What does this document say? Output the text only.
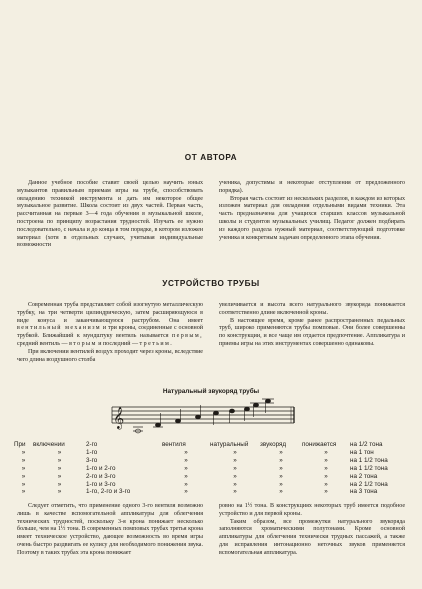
ОТ АВТОРА

Данное учебное пособие ставит своей целью научить юных музыкантов правильным приемам игры на трубе, способствовать овладению техникой инструмента и дать им некоторое общее музыкальное развитие. Школа состоит из двух частей. Первая часть, рассчитанная на первые 3—4 года обучения в музыкальной школе, построена по принципу возрастания трудностей. Изучать ее нужно последовательно, с начала и до конца в том порядке, в котором изложен материал (хотя в отдельных случаях, учитывая индивидуальные возможности

ученика, допустимы и некоторые отступления от предложенного порядка).

Вторая часть состоит из нескольких разделов, в каждом из которых изложен материал для овладения отдельными видами техники. Эта часть предназначена для учащихся старших классов музыкальной школы и студентов музыкальных училищ. Педагог должен подбирать из каждого раздела нужный материал, соответствующий подготовке ученика и конкретным задачам определенного этапа обучения.

УСТРОЙСТВО ТРУБЫ

Современная труба представляет собой изогнутую металлическую трубку, на три четверти цилиндрическую, затем расширяющуюся в виде конуса и заканчивающуюся раструбом. Она имеет вентильный механизм и три кроны, соединенные с основной трубкой. Ближайший к мундштуку вентиль называется первым, средний вентиль — вторым и последний — третьим.

При включении вентилей воздух проходит через кроны, вследствие чего длина воздушного столба

увеличивается и высота всего натурального звукоряда понижается соответственно длине включенной кроны.

В настоящее время, кроме ранее распространенных педальных труб, широко применяются трубы помповые. Они более совершенны по конструкции, и все чаще им отдается предпочтение. Аппликатура и приемы игры на этих инструментах совершенно одинаковы.

Натуральный звукоряд трубы
𝄞
При	включении	2-го	вентиля	натуральный	звукоряд	понижается	на 1/2 тона
»	»	1-го	»	»	»	»	на 1 тон
»	»	3-го	»	»	»	»	на 1 1/2 тона
»	»	1-го и 2-го	»	»	»	»	на 1 1/2 тона
»	»	2-го и 3-го	»	»	»	»	на 2 тона
»	»	1-го и 3-го	»	»	»	»	на 2 1/2 тона
»	»	1-го, 2-го и 3-го	»	»	»	»	на 3 тона

Следует отметить, что применение одного 3-го вентиля возможно лишь в качестве вспомогательной аппликатуры для облегчения технических трудностей, поскольку 3-я крона понижает несколько больше, чем на 1½ тона. В современных помповых трубах третья крона имеет техническое устройство, дающее возможность во время игры очень быстро раздвигать ее кулису для необходимого понижения звука. Поэтому в таких трубах эта крона понижает

ровно на 1½ тона. В конструкциях некоторых труб имеется подобное устройство и для первой кроны.

Таким образом, все промежутки натурального звукоряда заполняются хроматическими полутонами. Кроме основной аппликатуры для облегчения технически трудных пассажей, а также для исправления интонационно неточных звуков применяется вспомогательная аппликатура.
